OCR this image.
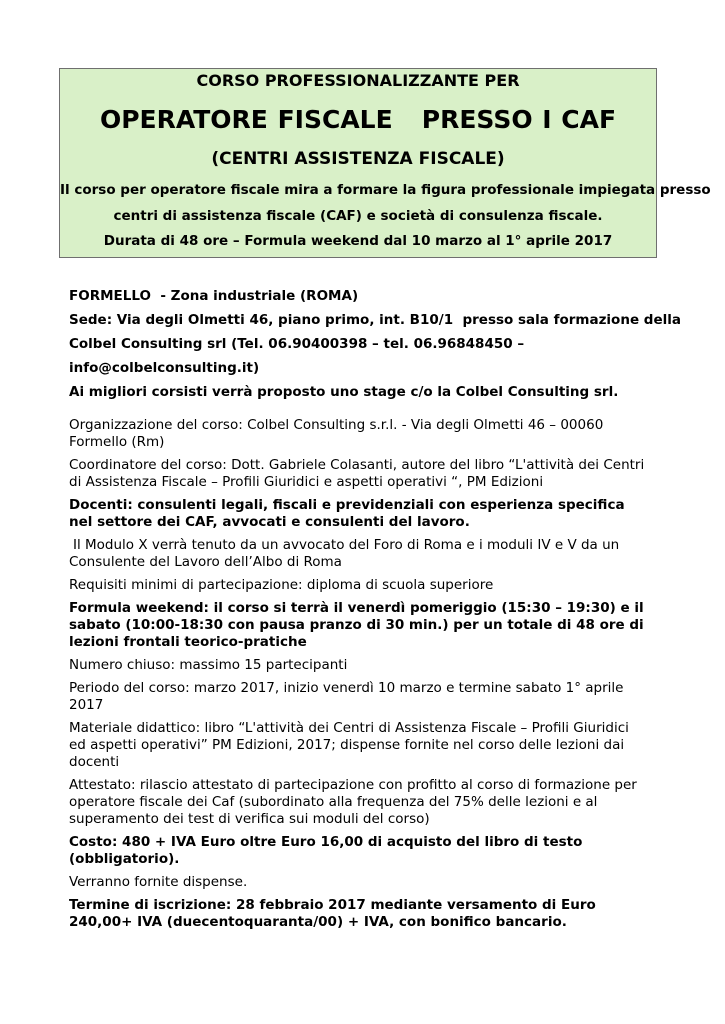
CORSO PROFESSIONALIZZANTE PER
OPERATORE FISCALE   PRESSO I CAF
(CENTRI ASSISTENZA FISCALE)
Il corso per operatore fiscale mira a formare la figura professionale impiegata presso
centri di assistenza fiscale (CAF) e società di consulenza fiscale.
Durata di 48 ore – Formula weekend dal 10 marzo al 1° aprile 2017
FORMELLO  - Zona industriale (ROMA)
Sede: Via degli Olmetti 46, piano primo, int. B10/1  presso sala formazione della
Colbel Consulting srl (Tel. 06.90400398 – tel. 06.96848450 –
info@colbelconsulting.it)
Ai migliori corsisti verrà proposto uno stage c/o la Colbel Consulting srl.
Organizzazione del corso: Colbel Consulting s.r.l. - Via degli Olmetti 46 – 00060 Formello (Rm)
Coordinatore del corso: Dott. Gabriele Colasanti, autore del libro “L'attività dei Centri di Assistenza Fiscale – Profili Giuridici e aspetti operativi “, PM Edizioni
Docenti: consulenti legali, fiscali e previdenziali con esperienza specifica nel settore dei CAF, avvocati e consulenti del lavoro.
Il Modulo X verrà tenuto da un avvocato del Foro di Roma e i moduli IV e V da un Consulente del Lavoro dell’Albo di Roma
Requisiti minimi di partecipazione: diploma di scuola superiore
Formula weekend: il corso si terrà il venerdì pomeriggio (15:30 – 19:30) e il sabato (10:00-18:30 con pausa pranzo di 30 min.) per un totale di 48 ore di lezioni frontali teorico-pratiche
Numero chiuso: massimo 15 partecipanti
Periodo del corso: marzo 2017, inizio venerdì 10 marzo e termine sabato 1° aprile 2017
Materiale didattico: libro “L'attività dei Centri di Assistenza Fiscale – Profili Giuridici ed aspetti operativi” PM Edizioni, 2017; dispense fornite nel corso delle lezioni dai docenti
Attestato: rilascio attestato di partecipazione con profitto al corso di formazione per operatore fiscale dei Caf (subordinato alla frequenza del 75% delle lezioni e al superamento dei test di verifica sui moduli del corso)
Costo: 480 + IVA Euro oltre Euro 16,00 di acquisto del libro di testo (obbligatorio).
Verranno fornite dispense.
Termine di iscrizione: 28 febbraio 2017 mediante versamento di Euro 240,00+ IVA (duecentoquaranta/00) + IVA, con bonifico bancario.
